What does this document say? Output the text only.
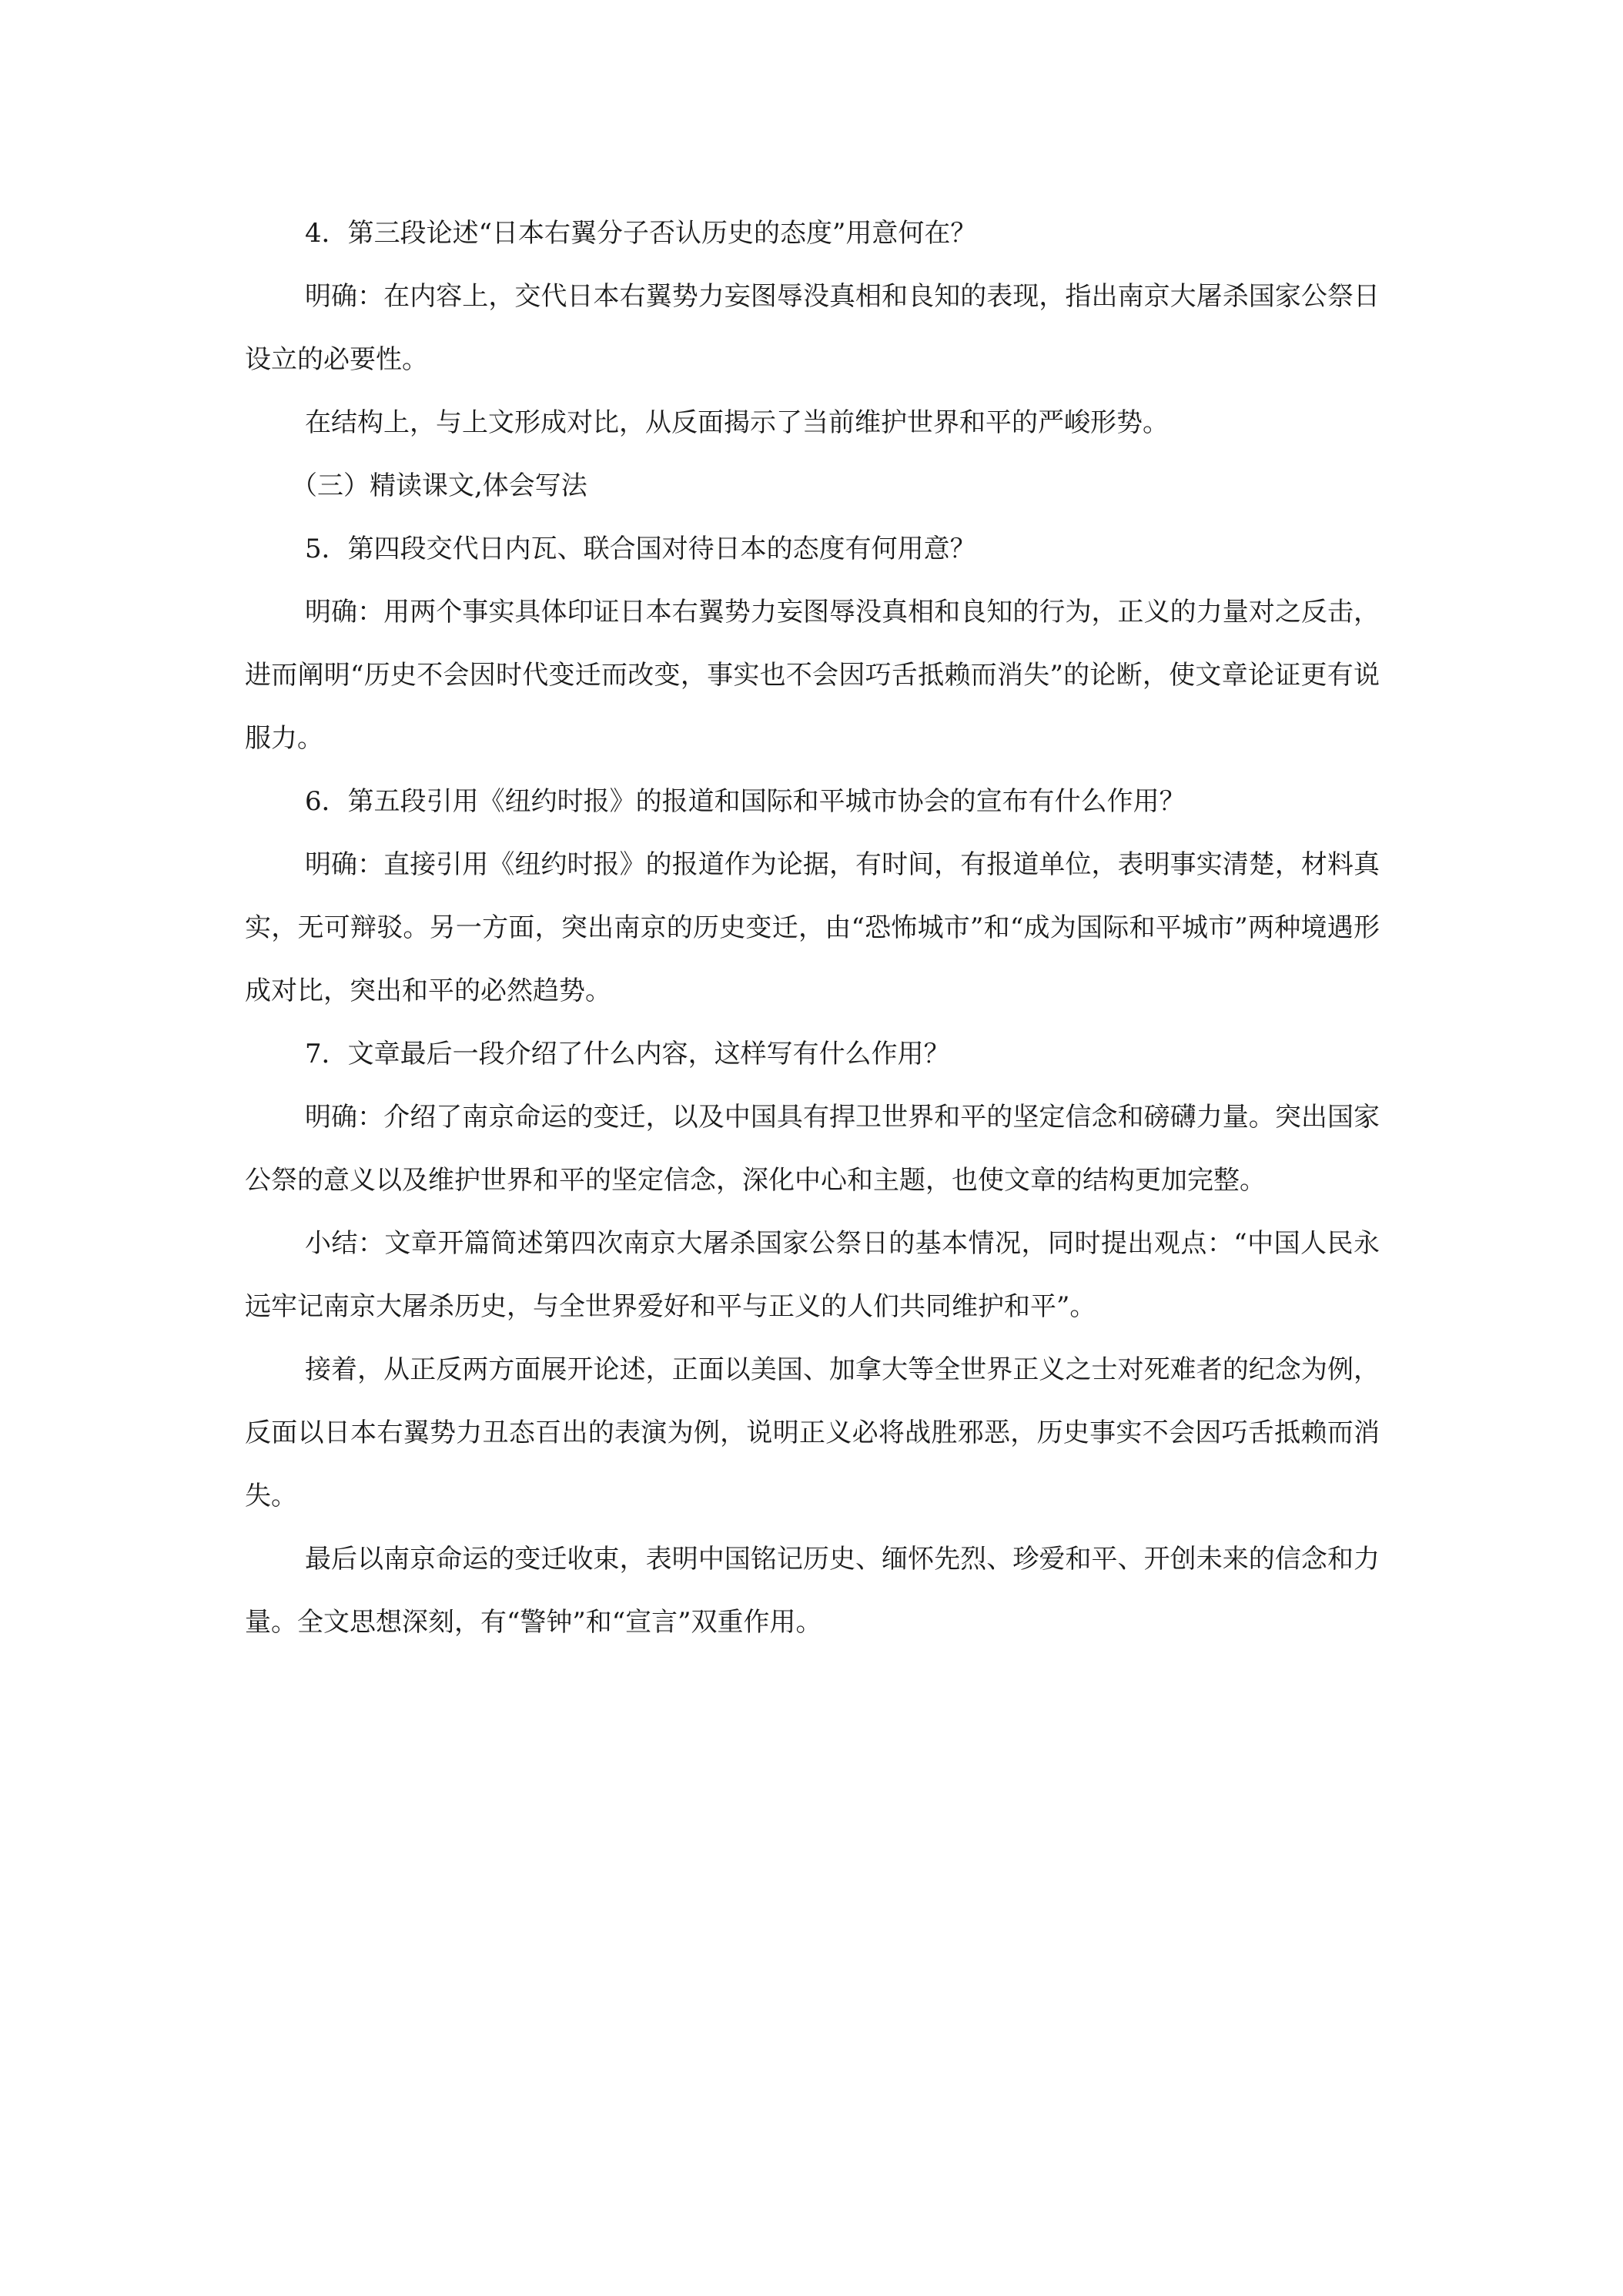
4．第三段论述“日本右翼分子否认历史的态度”用意何在？

明确：在内容上，交代日本右翼势力妄图辱没真相和良知的表现，指出南京大屠杀国家公祭日设立的必要性。

在结构上，与上文形成对比，从反面揭示了当前维护世界和平的严峻形势。

（三）精读课文,体会写法

5．第四段交代日内瓦、联合国对待日本的态度有何用意？

明确：用两个事实具体印证日本右翼势力妄图辱没真相和良知的行为，正义的力量对之反击，进而阐明“历史不会因时代变迁而改变，事实也不会因巧舌抵赖而消失”的论断，使文章论证更有说服力。

6．第五段引用《纽约时报》的报道和国际和平城市协会的宣布有什么作用？

明确：直接引用《纽约时报》的报道作为论据，有时间，有报道单位，表明事实清楚，材料真实，无可辩驳。另一方面，突出南京的历史变迁，由“恐怖城市”和“成为国际和平城市”两种境遇形成对比，突出和平的必然趋势。

7．文章最后一段介绍了什么内容，这样写有什么作用？

明确：介绍了南京命运的变迁，以及中国具有捍卫世界和平的坚定信念和磅礴力量。突出国家公祭的意义以及维护世界和平的坚定信念，深化中心和主题，也使文章的结构更加完整。

小结：文章开篇简述第四次南京大屠杀国家公祭日的基本情况，同时提出观点：“中国人民永远牢记南京大屠杀历史，与全世界爱好和平与正义的人们共同维护和平”。

接着，从正反两方面展开论述，正面以美国、加拿大等全世界正义之士对死难者的纪念为例，反面以日本右翼势力丑态百出的表演为例，说明正义必将战胜邪恶，历史事实不会因巧舌抵赖而消失。

最后以南京命运的变迁收束，表明中国铭记历史、缅怀先烈、珍爱和平、开创未来的信念和力量。全文思想深刻，有“警钟”和“宣言”双重作用。
